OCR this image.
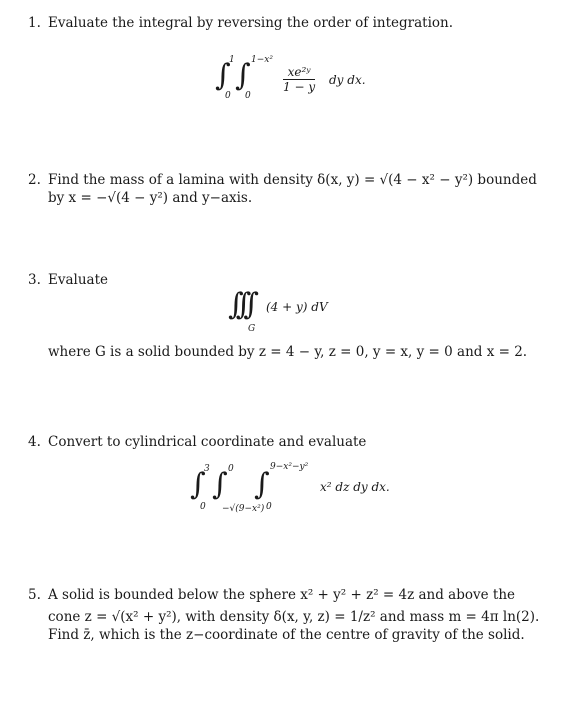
1. Evaluate the integral by reversing the order of integration.
∫
1
0
∫ 1−x²
0
xe²ʸ
1 − y dy dx.
2. Find the mass of a lamina with density δ(x, y) = √(4 − x² − y²) bounded
by x = −√(4 − y²) and y−axis.
3. Evaluate
∫∫∫ (4 + y) dV
G
where G is a solid bounded by z = 4 − y, z = 0, y = x, y = 0 and x = 2.
4. Convert to cylindrical coordinate and evaluate
∫
3
0
∫ 0
−√(9−x²)
∫ 9−x²−y²
0
x² dz dy dx.
5. A solid is bounded below the sphere x² + y² + z² = 4z and above the
cone z = √(x² + y²), with density δ(x, y, z) = 1/z² and mass m = 4π ln(2).
Find z̄, which is the z−coordinate of the centre of gravity of the solid.
